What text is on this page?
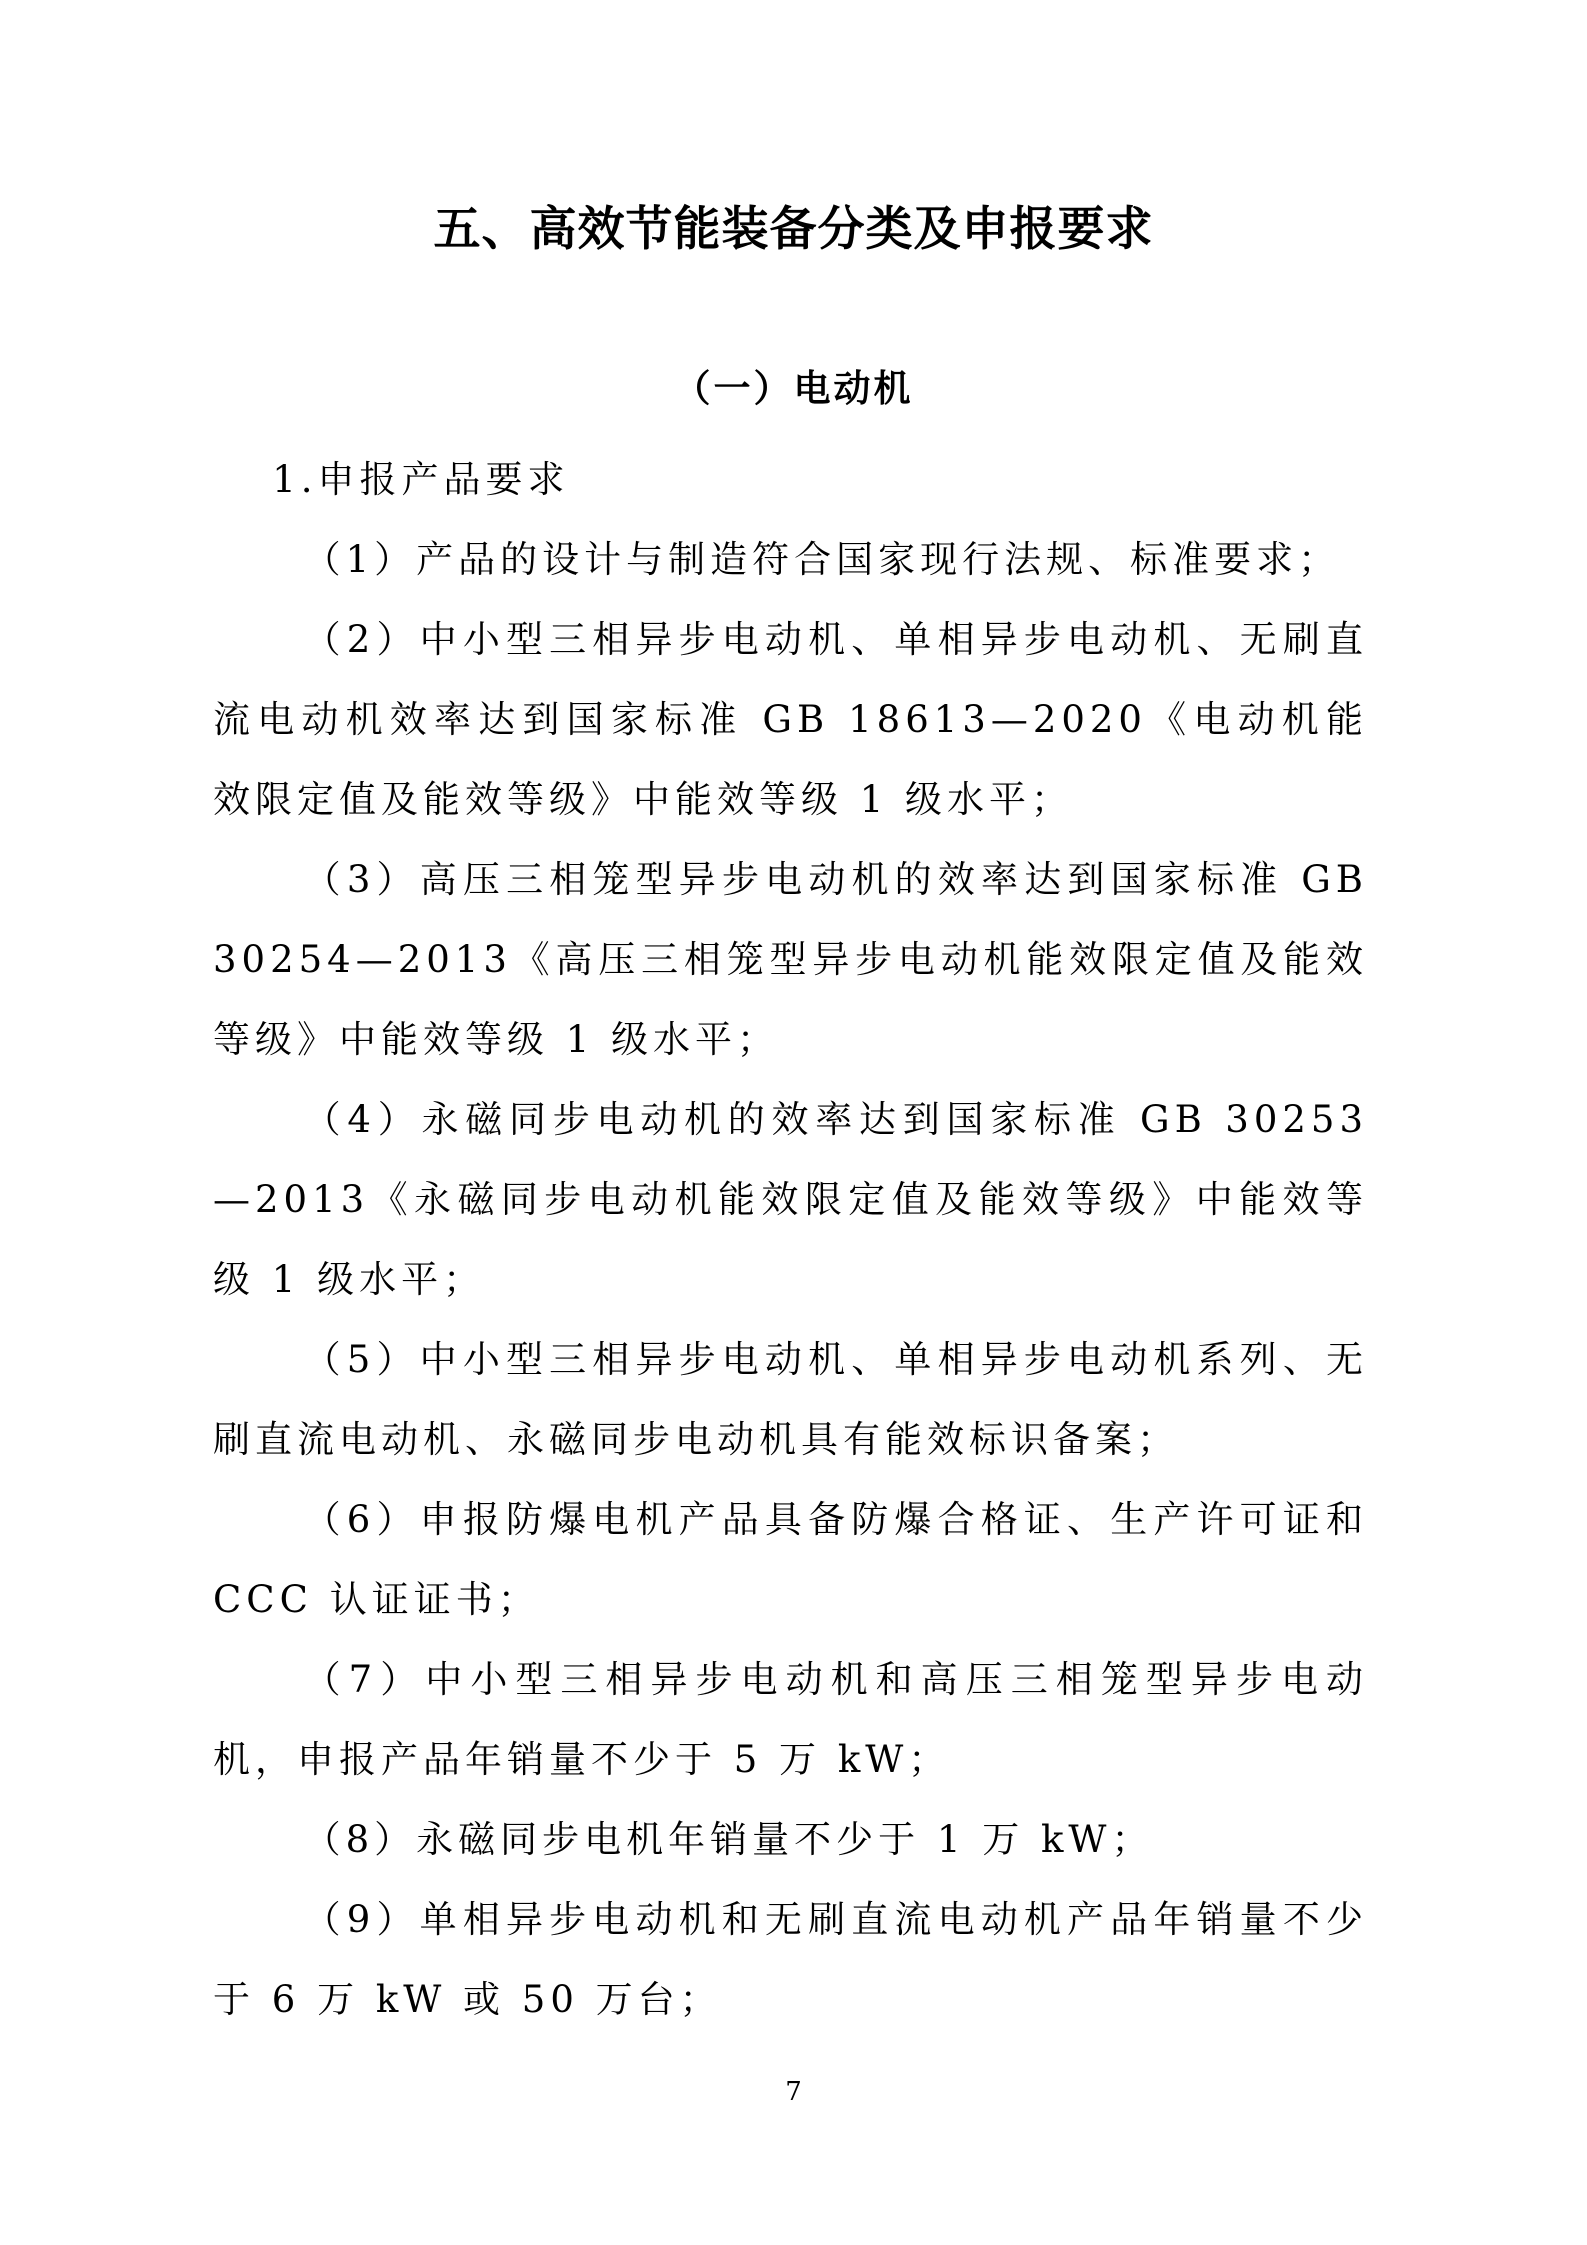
五、高效节能装备分类及申报要求
（一）电动机

1.申报产品要求

（1）产品的设计与制造符合国家现行法规、标准要求；

（2）中小型三相异步电动机、单相异步电动机、无刷直流电动机效率达到国家标准 GB 18613—2020《电动机能效限定值及能效等级》中能效等级 1 级水平；

（3）高压三相笼型异步电动机的效率达到国家标准 GB 30254—2013《高压三相笼型异步电动机能效限定值及能效等级》中能效等级 1 级水平；

（4）永磁同步电动机的效率达到国家标准 GB 30253—2013《永磁同步电动机能效限定值及能效等级》中能效等级 1 级水平；

（5）中小型三相异步电动机、单相异步电动机系列、无刷直流电动机、永磁同步电动机具有能效标识备案；

（6）申报防爆电机产品具备防爆合格证、生产许可证和 CCC 认证证书；

（7）中小型三相异步电动机和高压三相笼型异步电动机，申报产品年销量不少于 5 万 kW；

（8）永磁同步电机年销量不少于 1 万 kW；

（9）单相异步电动机和无刷直流电动机产品年销量不少于 6 万 kW 或 50 万台；

7
